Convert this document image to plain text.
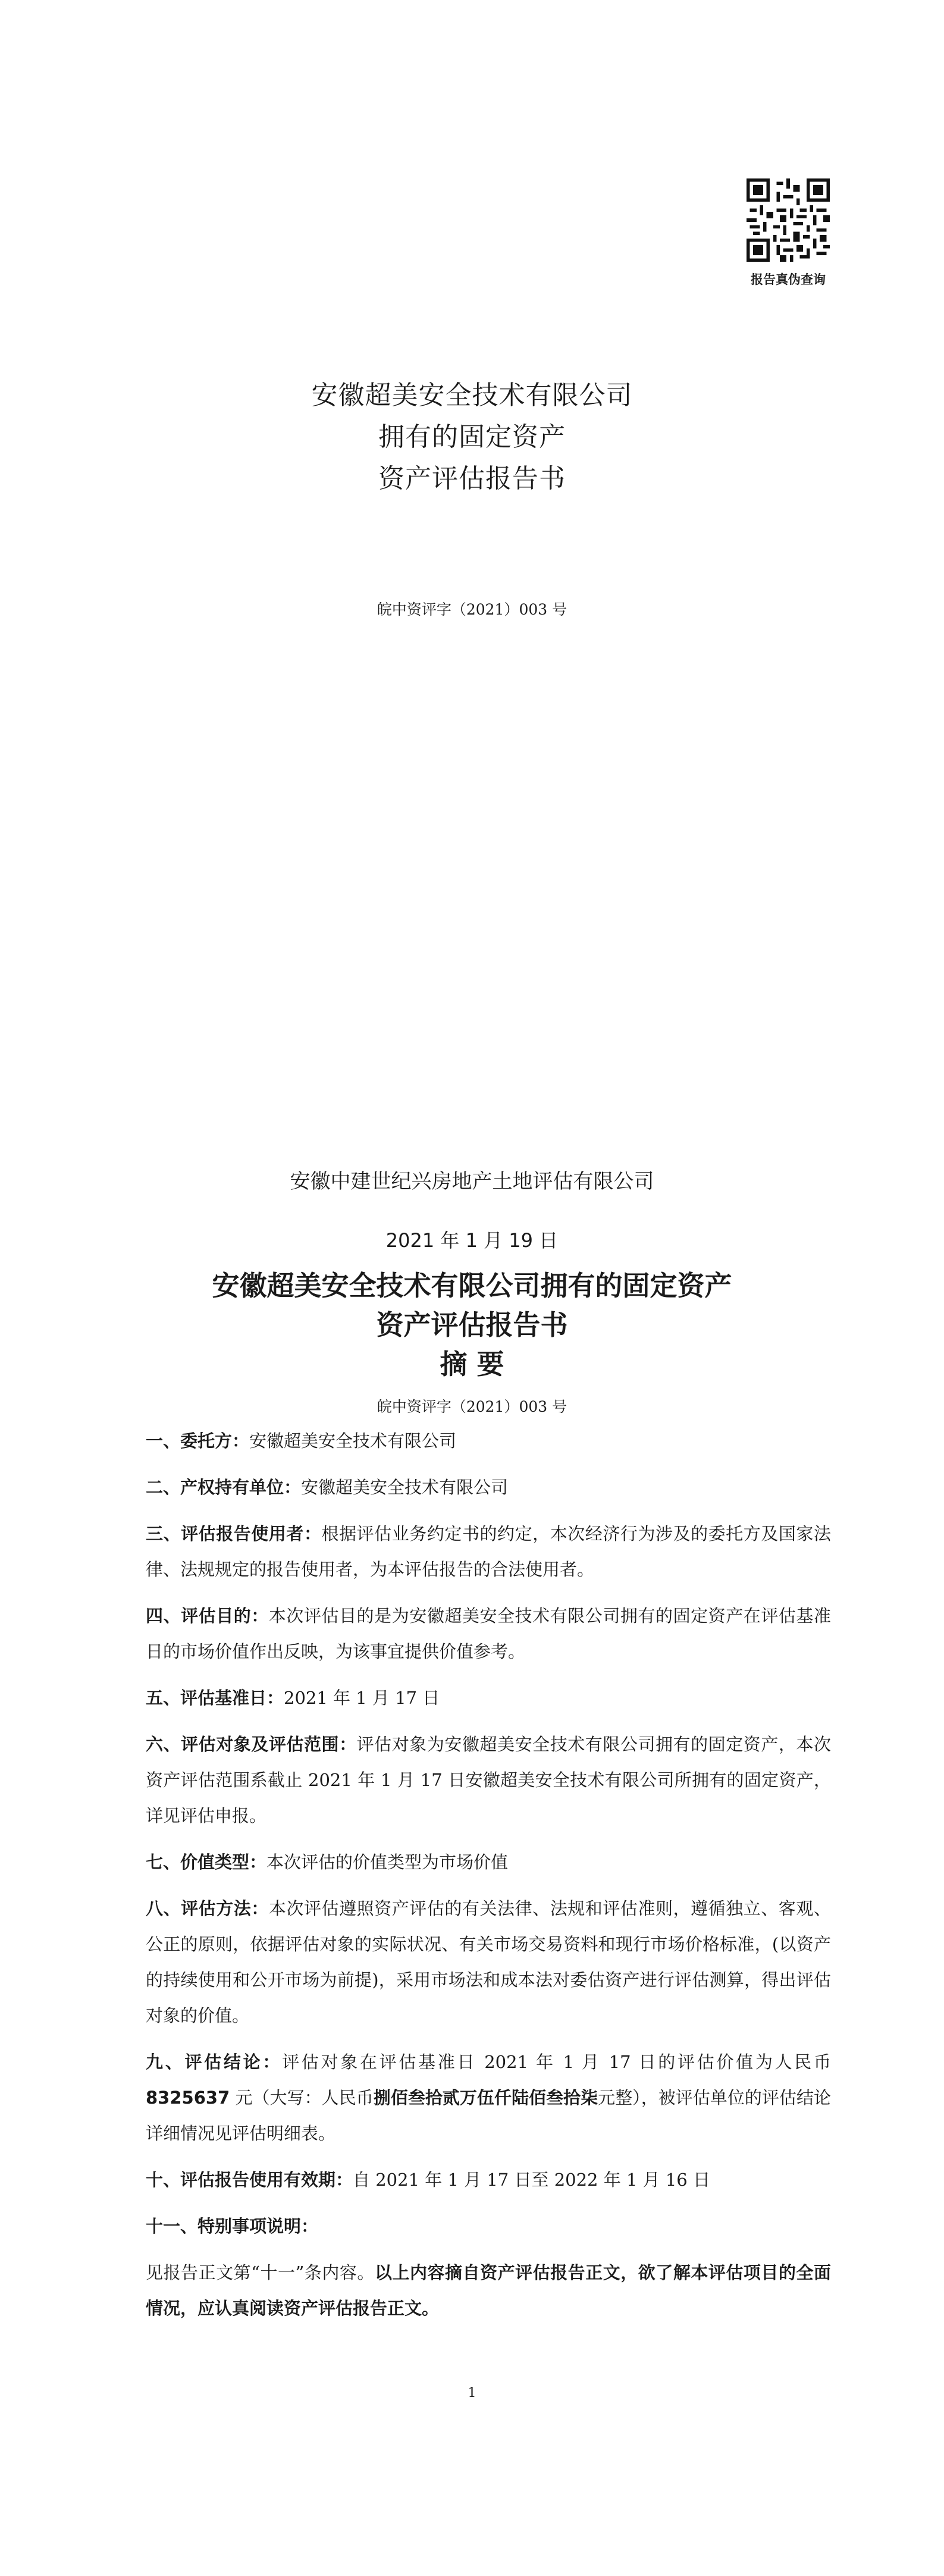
报告真伪查询
安徽超美安全技术有限公司
拥有的固定资产
资产评估报告书
皖中资评字（2021）003 号
安徽中建世纪兴房地产土地评估有限公司
2021 年 1 月 19 日
安徽超美安全技术有限公司拥有的固定资产
资产评估报告书
摘 要
皖中资评字（2021）003 号

一、委托方：安徽超美安全技术有限公司

二、产权持有单位：安徽超美安全技术有限公司

三、评估报告使用者：根据评估业务约定书的约定，本次经济行为涉及的委托方及国家法律、法规规定的报告使用者，为本评估报告的合法使用者。

四、评估目的：本次评估目的是为安徽超美安全技术有限公司拥有的固定资产在评估基准日的市场价值作出反映，为该事宜提供价值参考。

五、评估基准日：2021 年 1 月 17 日

六、评估对象及评估范围：评估对象为安徽超美安全技术有限公司拥有的固定资产，本次资产评估范围系截止 2021 年 1 月 17 日安徽超美安全技术有限公司所拥有的固定资产，详见评估申报。

七、价值类型：本次评估的价值类型为市场价值

八、评估方法：本次评估遵照资产评估的有关法律、法规和评估准则，遵循独立、客观、公正的原则，依据评估对象的实际状况、有关市场交易资料和现行市场价格标准，(以资产的持续使用和公开市场为前提)，采用市场法和成本法对委估资产进行评估测算，得出评估对象的价值。

九、评估结论：评估对象在评估基准日 2021 年 1 月 17 日的评估价值为人民币 8325637 元（大写：人民币捌佰叁拾贰万伍仟陆佰叁拾柒元整），被评估单位的评估结论详细情况见评估明细表。

十、评估报告使用有效期：自 2021 年 1 月 17 日至 2022 年 1 月 16 日

十一、特别事项说明：

见报告正文第“十一”条内容。以上内容摘自资产评估报告正文，欲了解本评估项目的全面情况，应认真阅读资产评估报告正文。

1
